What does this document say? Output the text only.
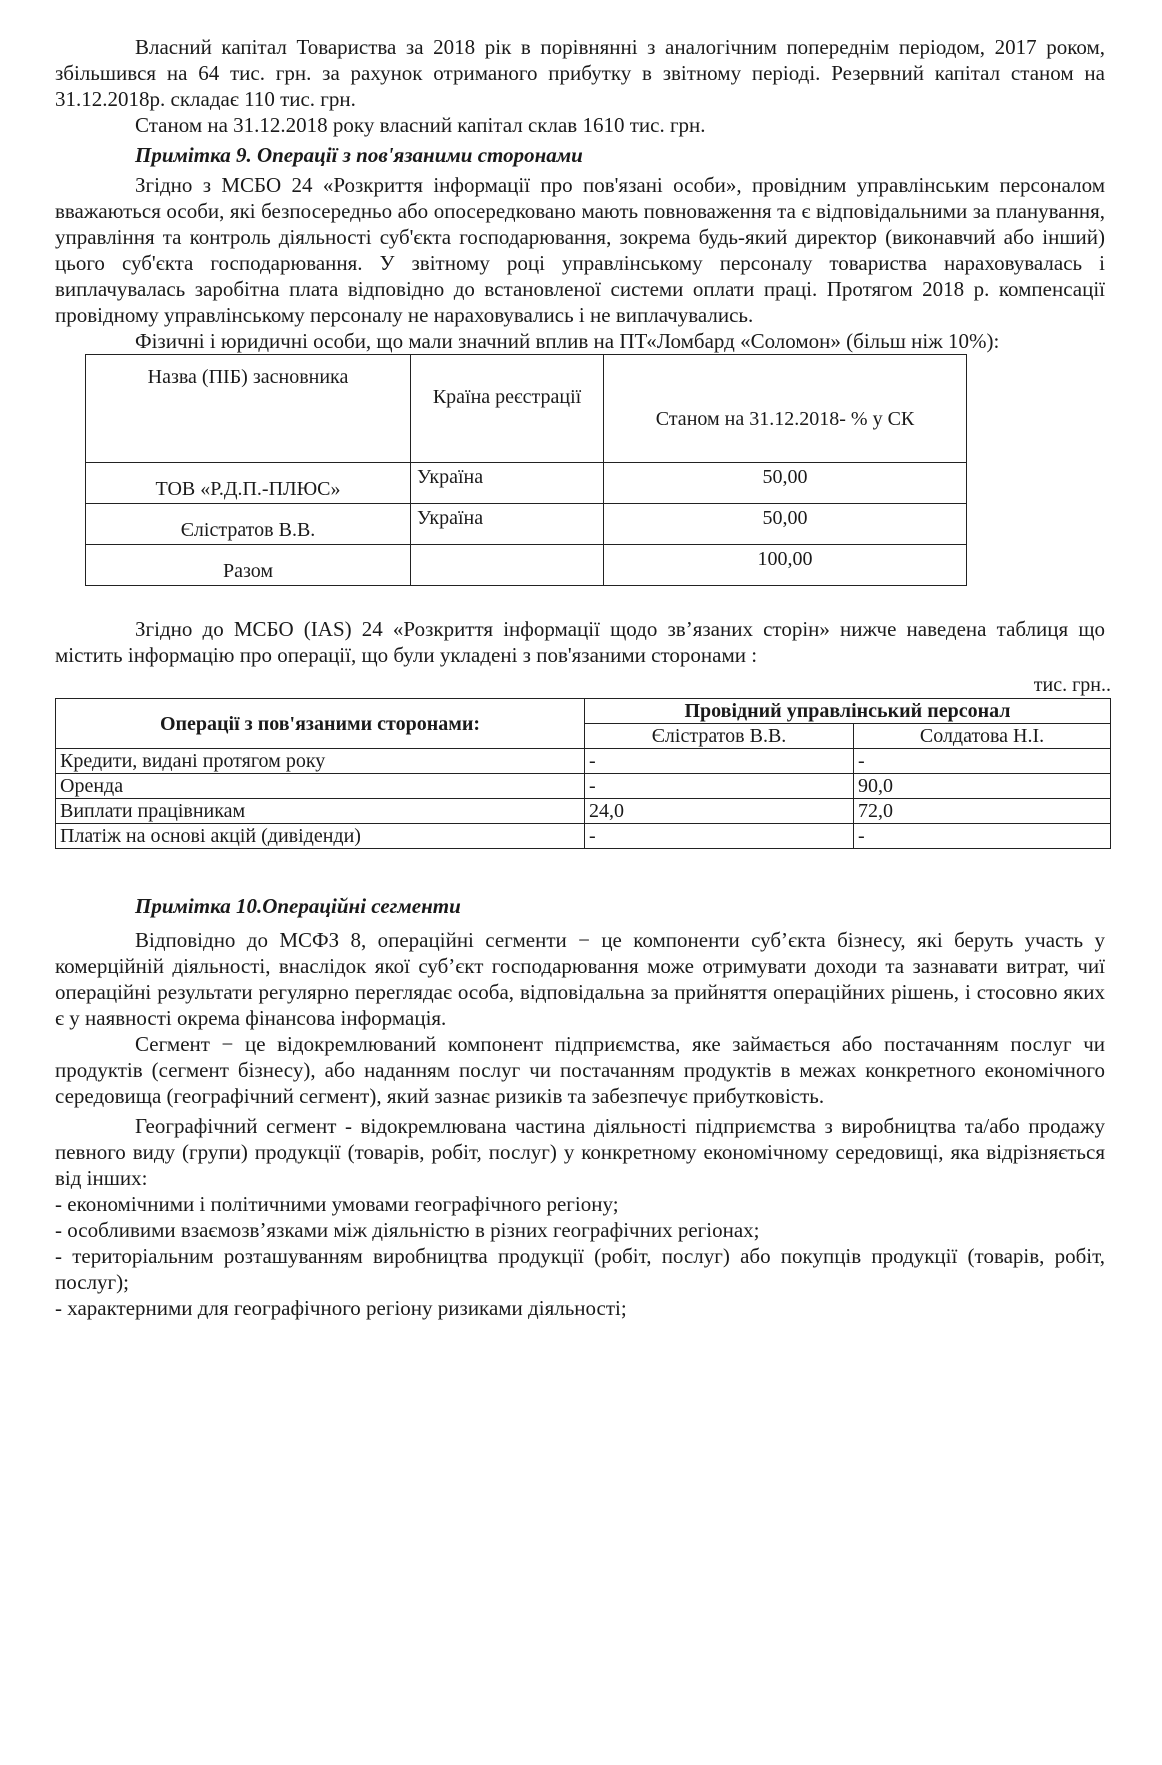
Власний капітал Товариства за 2018 рік в порівнянні з аналогічним попереднім періодом, 2017 роком, збільшився на 64 тис. грн. за рахунок отриманого прибутку в звітному періоді. Резервний капітал станом на 31.12.2018р. складає 110 тис. грн.

Станом на 31.12.2018 року власний капітал склав 1610 тис. грн.

Примітка 9. Операції з пов'язаними сторонами

Згідно з МСБО 24 «Розкриття інформації про пов'язані особи», провідним управлінським персоналом вважаються особи, які безпосередньо або опосередковано мають повноваження та є відповідальними за планування, управління та контроль діяльності суб'єкта господарювання, зокрема будь-який директор (виконавчий або інший) цього суб'єкта господарювання. У звітному році управлінському персоналу товариства нараховувалась і виплачувалась заробітна плата відповідно до встановленої системи оплати праці. Протягом 2018 р. компенсації провідному управлінському персоналу не нараховувались і не виплачувались.

Фізичні і юридичні особи, що мали значний вплив на ПТ«Ломбард «Соломон» (більш ніж 10%):

Назва (ПІБ) засновника	Країна реєстрації	Станом на 31.12.2018- % у СК
ТОВ «Р.Д.П.-ПЛЮС»	Україна	50,00
Єлістратов В.В.	Україна	50,00
Разом		100,00

Згідно до МСБО (IAS) 24 «Розкриття інформації щодо зв’язаних сторін» нижче наведена таблиця що містить інформацію про операції, що були укладені з пов'язаними сторонами :

тис. грн..
Операції з пов'язаними сторонами:	Провідний управлінський персонал	
	Єлістратов В.В.	Солдатова Н.І.
Кредити, видані протягом року	-	-
Оренда	-	90,0
Виплати працівникам	24,0	72,0
Платіж на основі акцій (дивіденди)	-	-

Примітка 10.Операційні сегменти

Відповідно до МСФЗ 8, операційні сегменти − це компоненти суб’єкта бізнесу, які беруть участь у комерційній діяльності, внаслідок якої суб’єкт господарювання може отримувати доходи та зазнавати витрат, чиї операційні результати регулярно переглядає особа, відповідальна за прийняття операційних рішень, і стосовно яких є у наявності окрема фінансова інформація.

Сегмент − це відокремлюваний компонент підприємства, яке займається або постачанням послуг чи продуктів (сегмент бізнесу), або наданням послуг чи постачанням продуктів в межах конкретного економічного середовища (географічний сегмент), який зазнає ризиків та забезпечує прибутковість.

Географічний сегмент - відокремлювана частина діяльності підприємства з виробництва та/або продажу певного виду (групи) продукції (товарів, робіт, послуг) у конкретному економічному середовищі, яка відрізняється від інших:

- економічними і політичними умовами географічного регіону;

- особливими взаємозв’язками між діяльністю в різних географічних регіонах;

- територіальним розташуванням виробництва продукції (робіт, послуг) або покупців продукції (товарів, робіт, послуг);

- характерними для географічного регіону ризиками діяльності;
